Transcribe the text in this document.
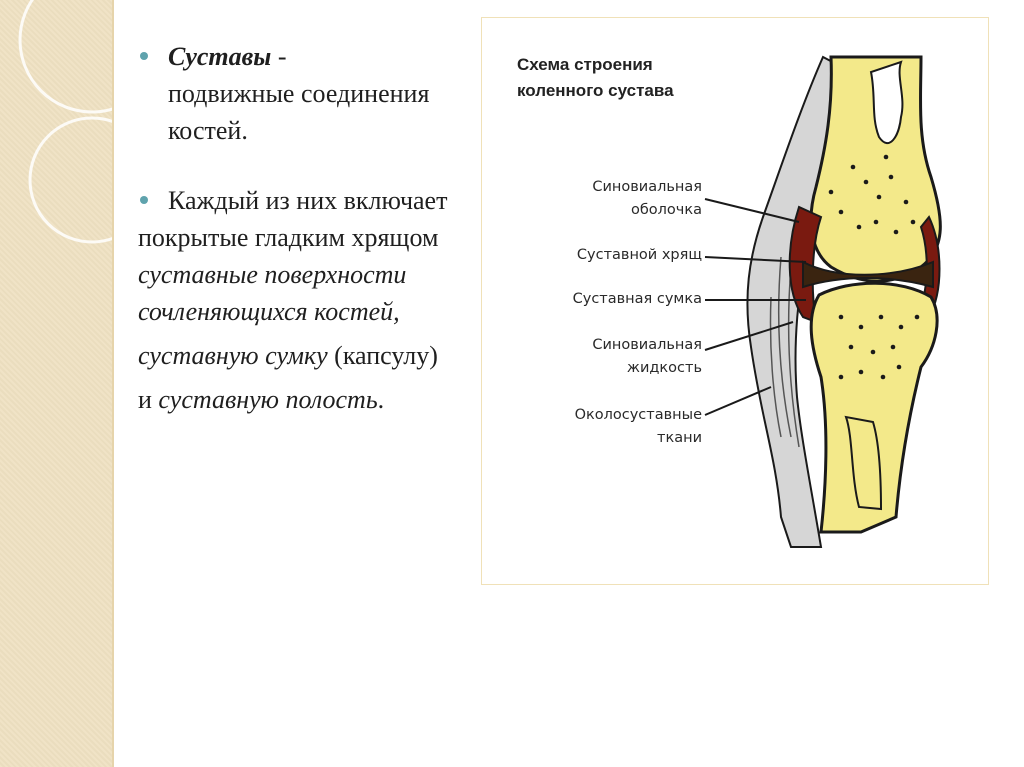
Суставы -
подвижные соединения костей.
Каждый из них включает
покрытые гладким хрящом суставные поверхности сочленяющихся костей,
суставную сумку (капсулу)
и суставную полость.
Схема строения
коленного сустава
Синовиальная
оболочка
Суставной хрящ
Суставная сумка
Синовиальная
жидкость
Околосуставные
ткани
